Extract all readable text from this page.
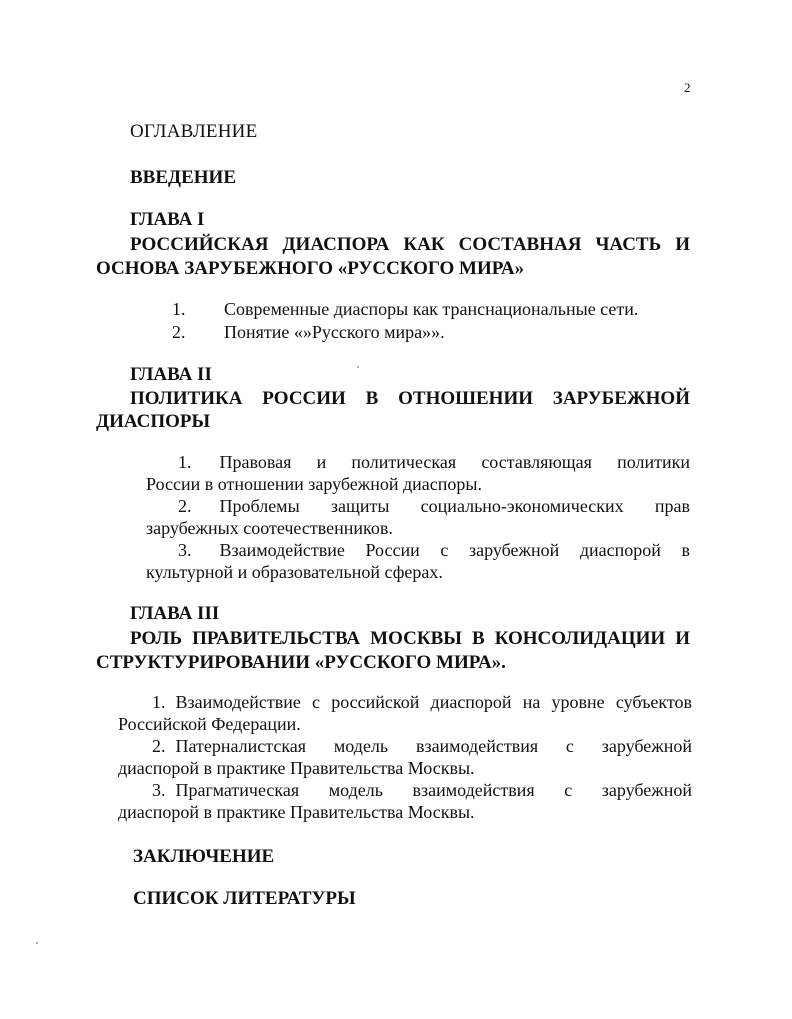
2
ОГЛАВЛЕНИЕ
ВВЕДЕНИЕ
ГЛАВА I
РОССИЙСКАЯ ДИАСПОРА КАК СОСТАВНАЯ ЧАСТЬ И
ОСНОВА ЗАРУБЕЖНОГО «РУССКОГО МИРА»
1. Современные диаспоры как транснациональные сети.
2. Понятие «»Русского мира»».
ГЛАВА II
ПОЛИТИКА РОССИИ В ОТНОШЕНИИ ЗАРУБЕЖНОЙ
ДИАСПОРЫ
1. Правовая и политическая составляющая политики
России в отношении зарубежной диаспоры.
2. Проблемы защиты социально-экономических прав
зарубежных соотечественников.
3. Взаимодействие России с зарубежной диаспорой в
культурной и образовательной сферах.
ГЛАВА III
РОЛЬ ПРАВИТЕЛЬСТВА МОСКВЫ В КОНСОЛИДАЦИИ И
СТРУКТУРИРОВАНИИ «РУССКОГО МИРА».
1. Взаимодействие с российской диаспорой на уровне субъектов
Российской Федерации.
2. Патерналистская модель взаимодействия с зарубежной
диаспорой в практике Правительства Москвы.
3. Прагматическая модель взаимодействия с зарубежной
диаспорой в практике Правительства Москвы.
ЗАКЛЮЧЕНИЕ
СПИСОК ЛИТЕРАТУРЫ
